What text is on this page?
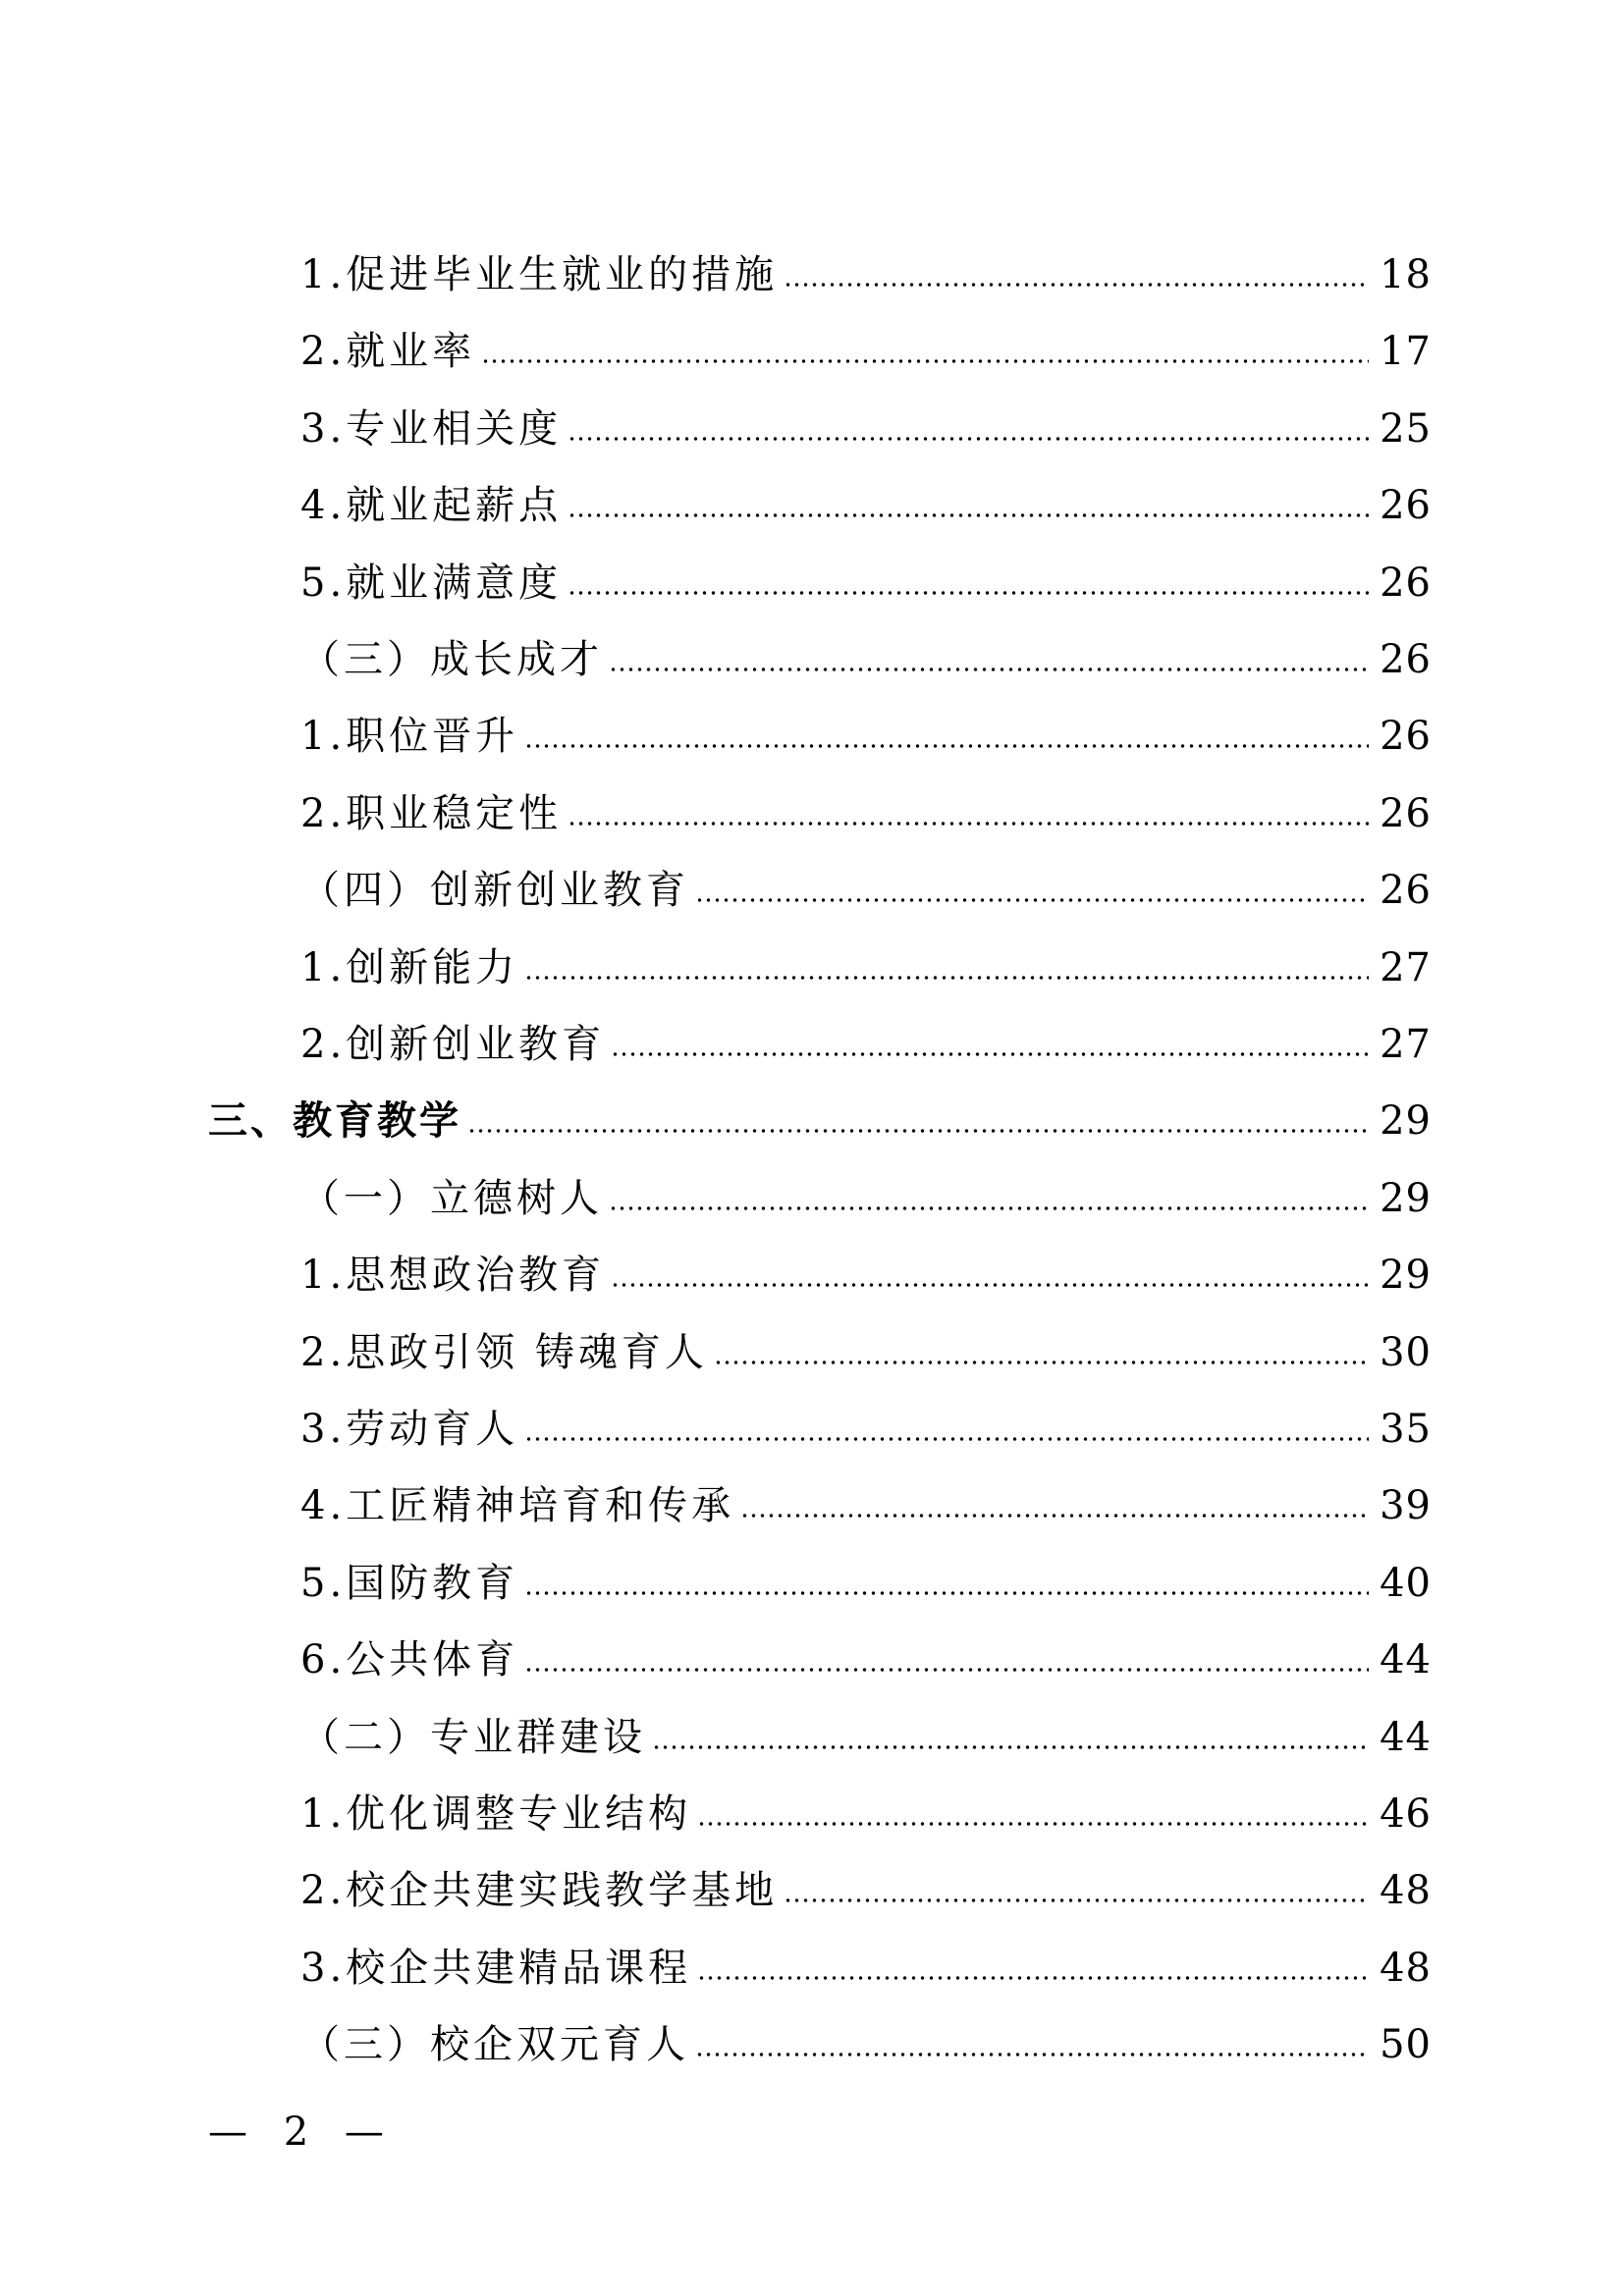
1.促进毕业生就业的措施	18
2.就业率	17
3.专业相关度	25
4.就业起薪点	26
5.就业满意度	26
（三）成长成才	26
1.职位晋升	26
2.职业稳定性	26
（四）创新创业教育	26
1.创新能力	27
2.创新创业教育	27
三、教育教学	29
（一）立德树人	29
1.思想政治教育	29
2.思政引领 铸魂育人	30
3.劳动育人	35
4.工匠精神培育和传承	39
5.国防教育	40
6.公共体育	44
（二）专业群建设	44
1.优化调整专业结构	46
2.校企共建实践教学基地	48
3.校企共建精品课程	48
（三）校企双元育人	50
— 2 —
